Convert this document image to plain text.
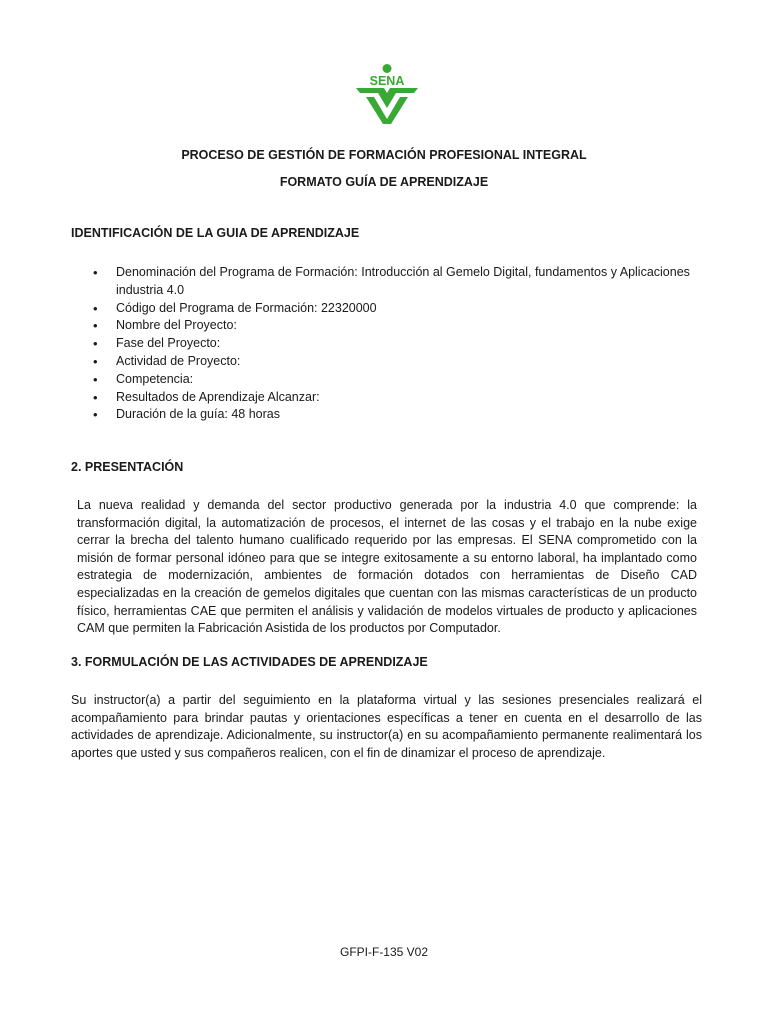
SENA
PROCESO DE GESTIÓN DE FORMACIÓN PROFESIONAL INTEGRAL
FORMATO GUÍA DE APRENDIZAJE
IDENTIFICACIÓN DE LA GUIA DE APRENDIZAJE
• Denominación del Programa de Formación: Introducción al Gemelo Digital, fundamentos y Aplicaciones industria 4.0
• Código del Programa de Formación: 22320000
• Nombre del Proyecto:
• Fase del Proyecto:
• Actividad de Proyecto:
• Competencia:
• Resultados de Aprendizaje Alcanzar:
• Duración de la guía: 48 horas
2. PRESENTACIÓN
La nueva realidad y demanda del sector productivo generada por la industria 4.0 que comprende: la transformación digital, la automatización de procesos, el internet de las cosas y el trabajo en la nube exige cerrar la brecha del talento humano cualificado requerido por las empresas. El SENA comprometido con la misión de formar personal idóneo para que se integre exitosamente a su entorno laboral, ha implantado como estrategia de modernización, ambientes de formación dotados con herramientas de Diseño CAD especializadas en la creación de gemelos digitales que cuentan con las mismas características de un producto físico, herramientas CAE que permiten el análisis y validación de modelos virtuales de producto y aplicaciones CAM que permiten la Fabricación Asistida de los productos por Computador.
3. FORMULACIÓN DE LAS ACTIVIDADES DE APRENDIZAJE
Su instructor(a) a partir del seguimiento en la plataforma virtual y las sesiones presenciales realizará el acompañamiento para brindar pautas y orientaciones específicas a tener en cuenta en el desarrollo de las actividades de aprendizaje. Adicionalmente, su instructor(a) en su acompañamiento permanente realimentará los aportes que usted y sus compañeros realicen, con el fin de dinamizar el proceso de aprendizaje.
GFPI-F-135 V02
